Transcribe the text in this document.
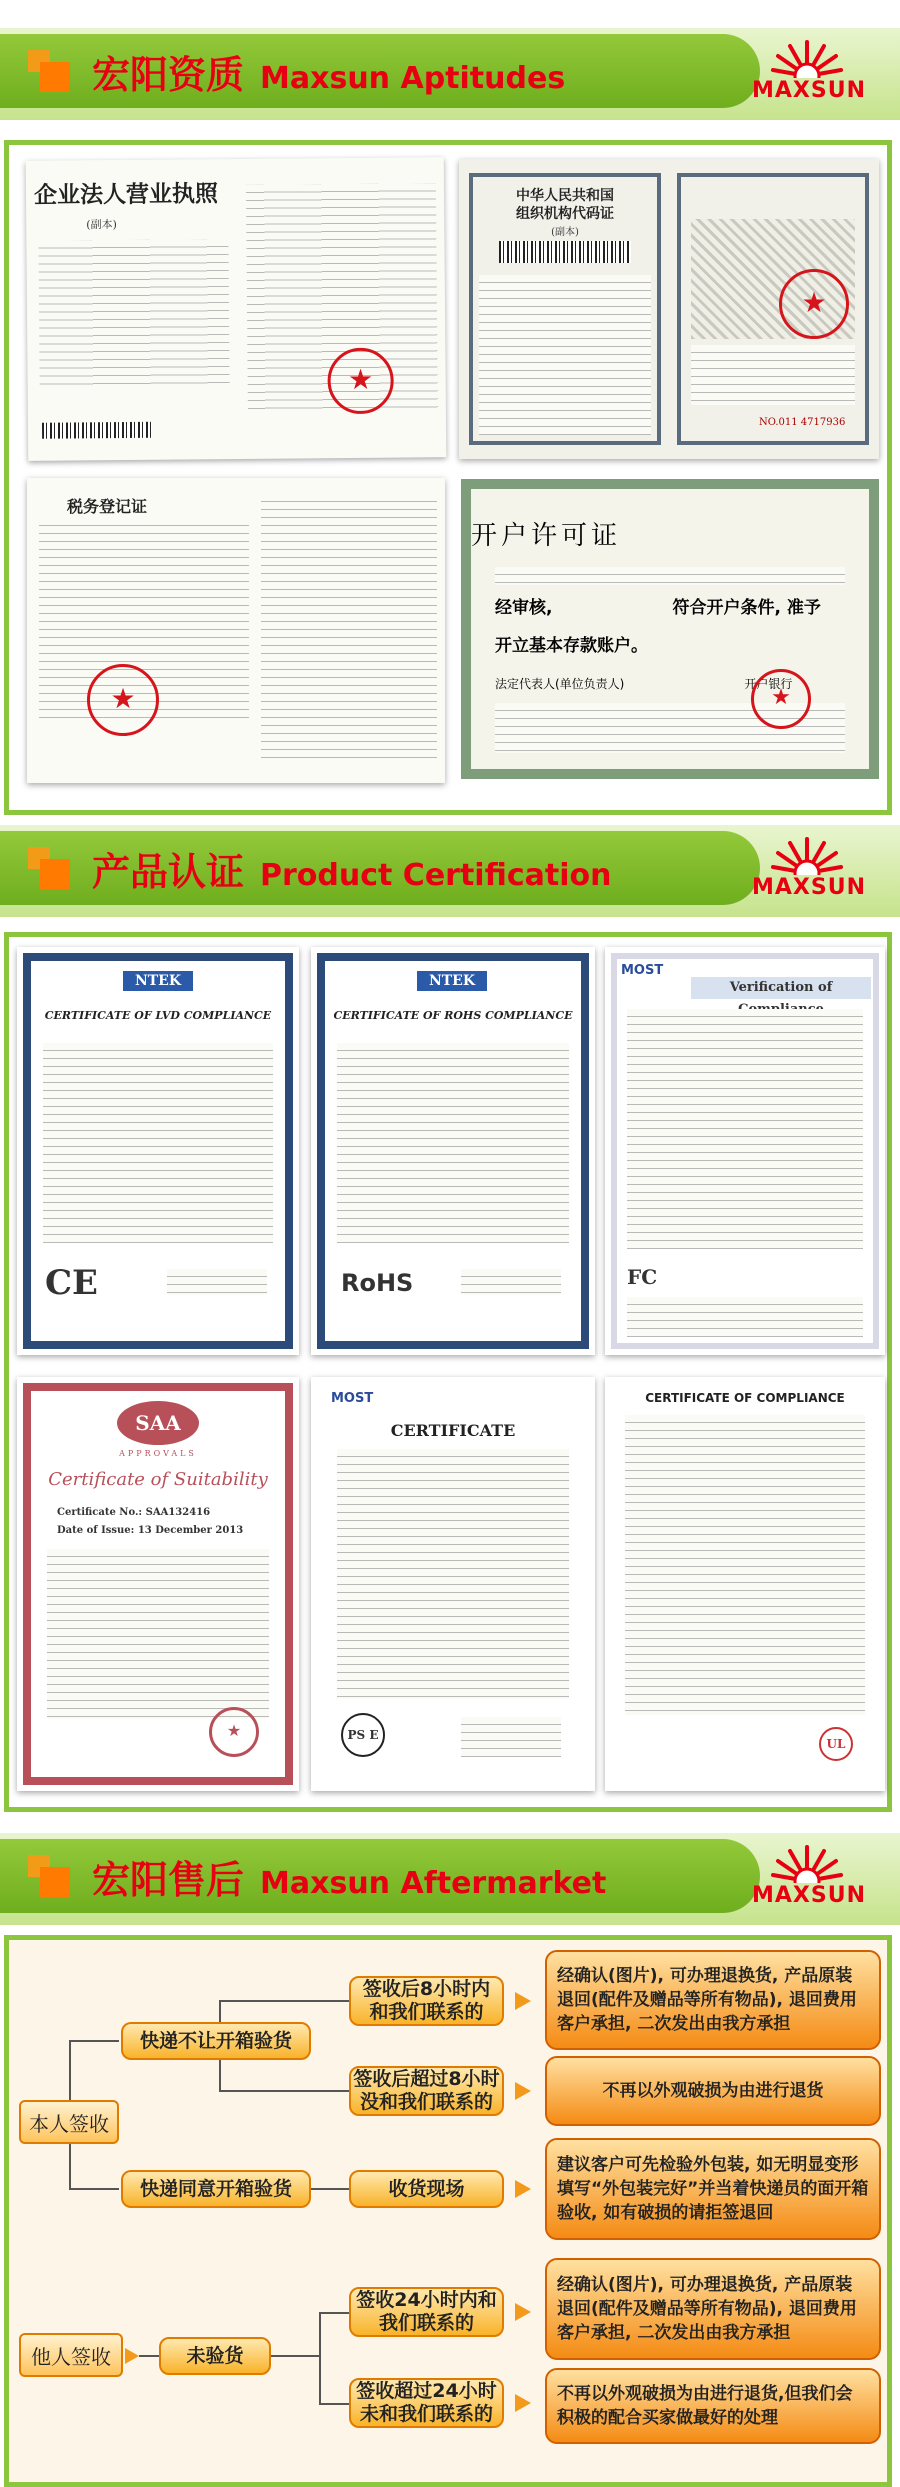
宏阳资质 Maxsun Aptitudes	MAXSUN
企业法人营业执照
(副本)
★
中华人民共和国
组织机构代码证
(副本)
★
NO.011 4717936
税务登记证
★
开户许可证
经审核,	符合开户条件, 准予
开立基本存款账户。
法定代表人(单位负责人)	开户银行
★
产品认证 Product Certification	MAXSUN
NTEK
CERTIFICATE OF LVD COMPLIANCE
CE
NTEK
CERTIFICATE OF ROHS COMPLIANCE
RoHS
MOST
Verification of
FC
SAA
APPROVALS
Certificate of Suitability
Certificate No.: SAA132416
Date of Issue: 13 December 2013
★
MOST
CERTIFICATE
PS E
CERTIFICATE OF COMPLIANCE
UL
宏阳售后 Maxsun Aftermarket	MAXSUN
本人签收
他人签收
快递不让开箱验货
快递同意开箱验货
未验货
签收后8小时内
和我们联系的
签收后超过8小时
没和我们联系的
收货现场
签收24小时内和
我们联系的
签收超过24小时
未和我们联系的
经确认(图片), 可办理退换货, 产品原装退回(配件及赠品等所有物品), 退回费用客户承担, 二次发出由我方承担
不再以外观破损为由进行退货
建议客户可先检验外包装, 如无明显变形填写“外包装完好”并当着快递员的面开箱验收, 如有破损的请拒签退回
经确认(图片), 可办理退换货, 产品原装退回(配件及赠品等所有物品), 退回费用客户承担, 二次发出由我方承担
不再以外观破损为由进行退货,但我们会积极的配合买家做最好的处理
